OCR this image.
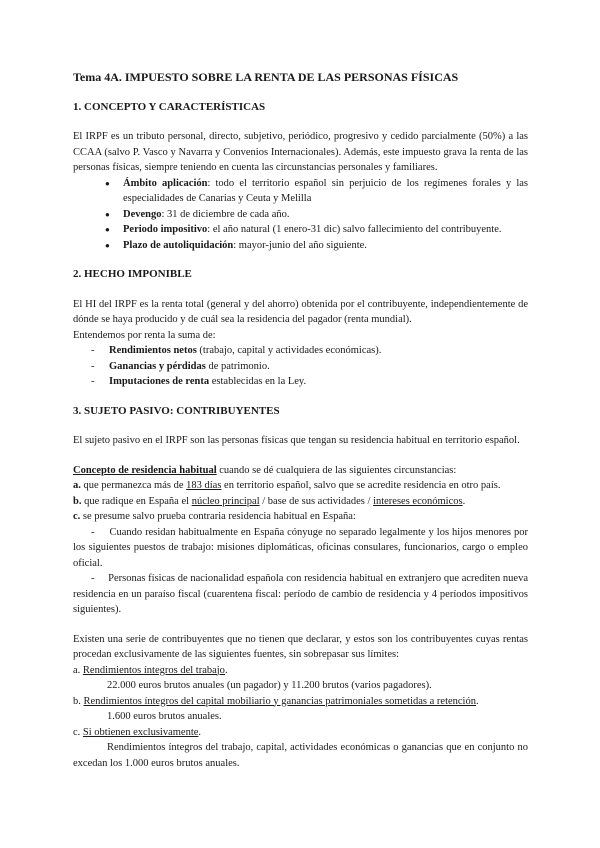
Tema 4A. IMPUESTO SOBRE LA RENTA DE LAS PERSONAS FÍSICAS
1. CONCEPTO Y CARACTERÍSTICAS

El IRPF es un tributo personal, directo, subjetivo, periódico, progresivo y cedido parcialmente (50%) a las CCAA (salvo P. Vasco y Navarra y Convenios Internacionales). Además, este impuesto grava la renta de las personas físicas, siempre teniendo en cuenta las circunstancias personales y familiares.

● Ámbito aplicación: todo el territorio español sin perjuicio de los regímenes forales y las especialidades de Canarias y Ceuta y Melilla
● Devengo: 31 de diciembre de cada año.
● Periodo impositivo: el año natural (1 enero-31 dic) salvo fallecimiento del contribuyente.
● Plazo de autoliquidación: mayor-junio del año siguiente.
2. HECHO IMPONIBLE

El HI del IRPF es la renta total (general y del ahorro) obtenida por el contribuyente, independientemente de dónde se haya producido y de cuál sea la residencia del pagador (renta mundial).

Entendemos por renta la suma de:

- Rendimientos netos (trabajo, capital y actividades económicas).
- Ganancias y pérdidas de patrimonio.
- Imputaciones de renta establecidas en la Ley.
3. SUJETO PASIVO: CONTRIBUYENTES

El sujeto pasivo en el IRPF son las personas físicas que tengan su residencia habitual en territorio español.

Concepto de residencia habitual cuando se dé cualquiera de las siguientes circunstancias:

a. que permanezca más de 183 días en territorio español, salvo que se acredite residencia en otro país.

b. que radique en España el núcleo principal / base de sus actividades / intereses económicos.

c. se presume salvo prueba contraria residencia habitual en España:

-     Cuando residan habitualmente en España cónyuge no separado legalmente y los hijos menores por los siguientes puestos de trabajo: misiones diplomáticas, oficinas consulares, funcionarios, cargo o empleo oficial.

-     Personas físicas de nacionalidad española con residencia habitual en extranjero que acrediten nueva residencia en un paraíso fiscal (cuarentena fiscal: período de cambio de residencia y 4 períodos impositivos siguientes).

Existen una serie de contribuyentes que no tienen que declarar, y estos son los contribuyentes cuyas rentas procedan exclusivamente de las siguientes fuentes, sin sobrepasar sus límites:

a. Rendimientos íntegros del trabajo.

22.000 euros brutos anuales (un pagador) y 11.200 brutos (varios pagadores).

b. Rendimientos íntegros del capital mobiliario y ganancias patrimoniales sometidas a retención.

1.600 euros brutos anuales.

c. Si obtienen exclusivamente.

Rendimientos íntegros del trabajo, capital, actividades económicas o ganancias que en conjunto no excedan los 1.000 euros brutos anuales.
